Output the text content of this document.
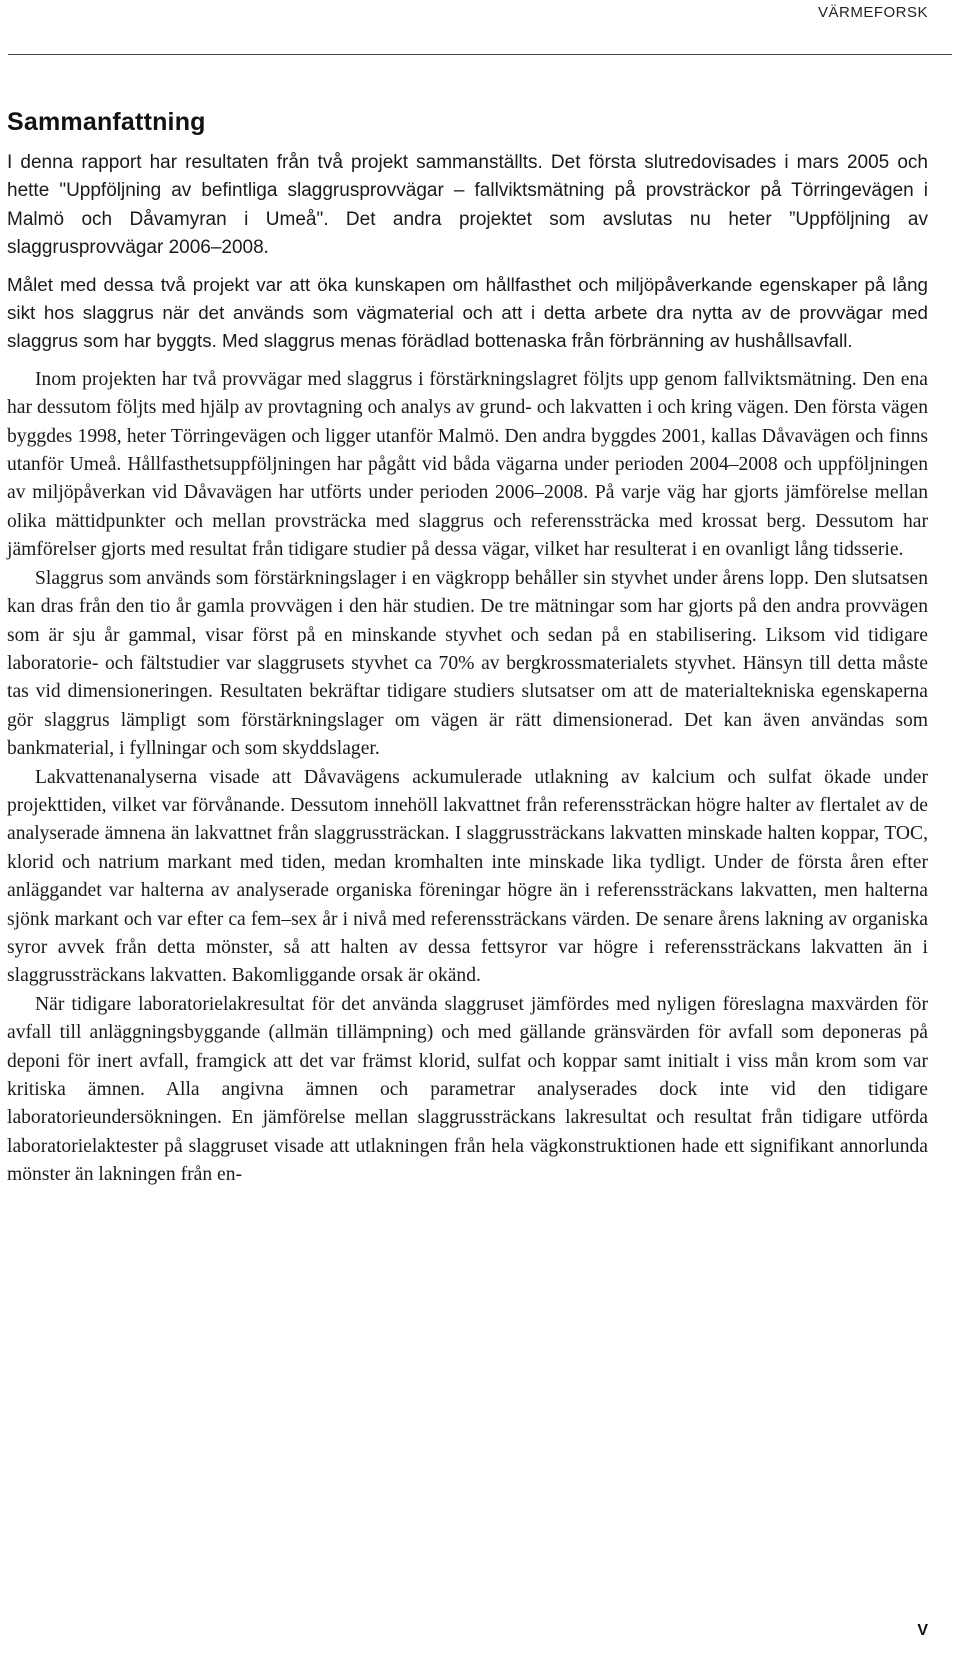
VÄRMEFORSK
Sammanfattning

I denna rapport har resultaten från två projekt sammanställts. Det första slutredovisades i mars 2005 och hette "Uppföljning av befintliga slaggrusprovvägar – fallviktsmätning på provsträckor på Törringevägen i Malmö och Dåvamyran i Umeå". Det andra projektet som avslutas nu heter ”Uppföljning av slaggrusprovvägar 2006–2008.

Målet med dessa två projekt var att öka kunskapen om hållfasthet och miljöpåverkande egenskaper på lång sikt hos slaggrus när det används som vägmaterial och att i detta arbete dra nytta av de provvägar med slaggrus som har byggts. Med slaggrus menas förädlad bottenaska från förbränning av hushållsavfall.

Inom projekten har två provvägar med slaggrus i förstärkningslagret följts upp genom fallviktsmätning. Den ena har dessutom följts med hjälp av provtagning och analys av grund- och lakvatten i och kring vägen. Den första vägen byggdes 1998, heter Törringevägen och ligger utanför Malmö. Den andra byggdes 2001, kallas Dåvavägen och finns utanför Umeå. Hållfasthetsuppföljningen har pågått vid båda vägarna under perioden 2004–2008 och uppföljningen av miljöpåverkan vid Dåvavägen har utförts under perioden 2006–2008. På varje väg har gjorts jämförelse mellan olika mättidpunkter och mellan provsträcka med slaggrus och referenssträcka med krossat berg. Dessutom har jämförelser gjorts med resultat från tidigare studier på dessa vägar, vilket har resulterat i en ovanligt lång tidsserie.

Slaggrus som används som förstärkningslager i en vägkropp behåller sin styvhet under årens lopp. Den slutsatsen kan dras från den tio år gamla provvägen i den här studien. De tre mätningar som har gjorts på den andra provvägen som är sju år gammal, visar först på en minskande styvhet och sedan på en stabilisering. Liksom vid tidigare laboratorie- och fältstudier var slaggrusets styvhet ca 70% av bergkrossmaterialets styvhet. Hänsyn till detta måste tas vid dimensioneringen. Resultaten bekräftar tidigare studiers slutsatser om att de materialtekniska egenskaperna gör slaggrus lämpligt som förstärkningslager om vägen är rätt dimensionerad. Det kan även användas som bankmaterial, i fyllningar och som skyddslager.

Lakvattenanalyserna visade att Dåvavägens ackumulerade utlakning av kalcium och sulfat ökade under projekttiden, vilket var förvånande. Dessutom innehöll lakvattnet från referenssträckan högre halter av flertalet av de analyserade ämnena än lakvattnet från slaggrussträckan. I slaggrussträckans lakvatten minskade halten koppar, TOC, klorid och natrium markant med tiden, medan kromhalten inte minskade lika tydligt. Under de första åren efter anläggandet var halterna av analyserade organiska föreningar högre än i referenssträckans lakvatten, men halterna sjönk markant och var efter ca fem–sex år i nivå med referenssträckans värden. De senare årens lakning av organiska syror avvek från detta mönster, så att halten av dessa fettsyror var högre i referenssträckans lakvatten än i slaggrussträckans lakvatten. Bakomliggande orsak är okänd.

När tidigare laboratorielakresultat för det använda slaggruset jämfördes med nyligen föreslagna maxvärden för avfall till anläggningsbyggande (allmän tillämpning) och med gällande gränsvärden för avfall som deponeras på deponi för inert avfall, framgick att det var främst klorid, sulfat och koppar samt initialt i viss mån krom som var kritiska ämnen. Alla angivna ämnen och parametrar analyserades dock inte vid den tidigare laboratorieundersökningen. En jämförelse mellan slaggrussträckans lakresultat och resultat från tidigare utförda laboratorielaktester på slaggruset visade att utlakningen från hela vägkonstruktionen hade ett signifikant annorlunda mönster än lakningen från en-

V
